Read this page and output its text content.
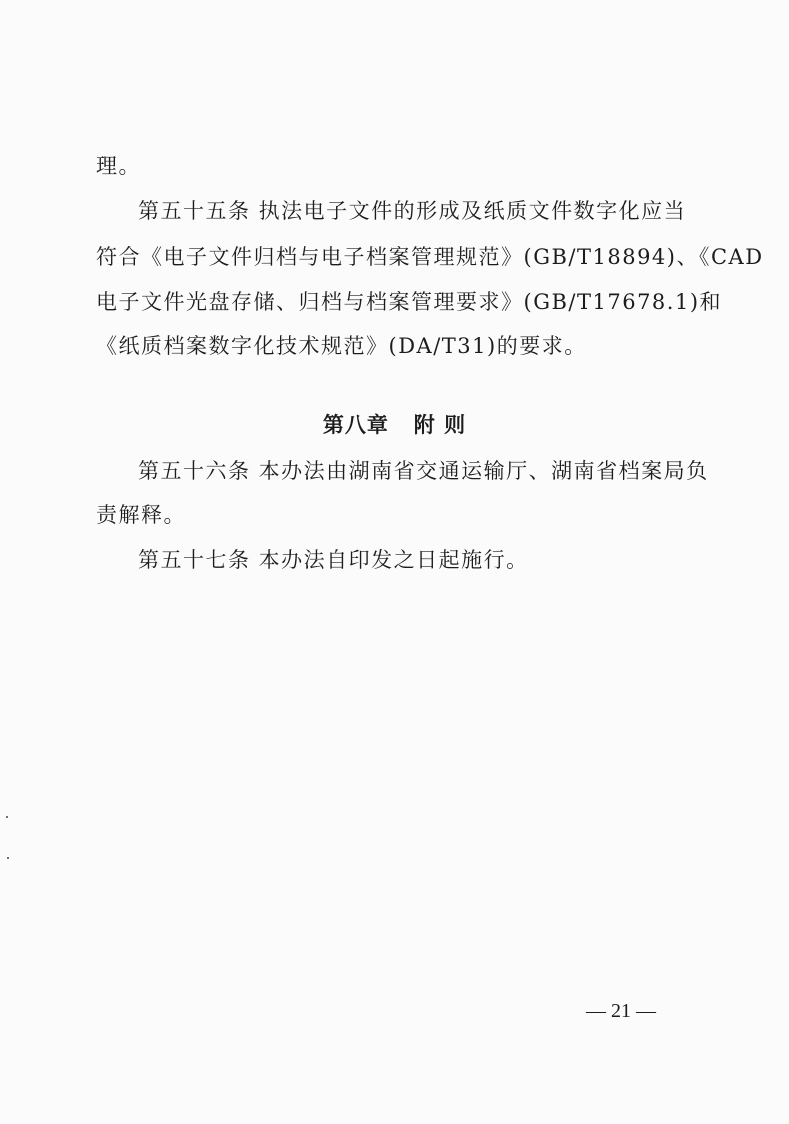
理。
第五十五条 执法电子文件的形成及纸质文件数字化应当
符合《电子文件归档与电子档案管理规范》(GB/T18894)、《CAD
电子文件光盘存储、归档与档案管理要求》(GB/T17678.1)和
《纸质档案数字化技术规范》(DA/T31)的要求。
第八章   附 则
第五十六条 本办法由湖南省交通运输厅、湖南省档案局负
责解释。
第五十七条 本办法自印发之日起施行。
— 21 —
